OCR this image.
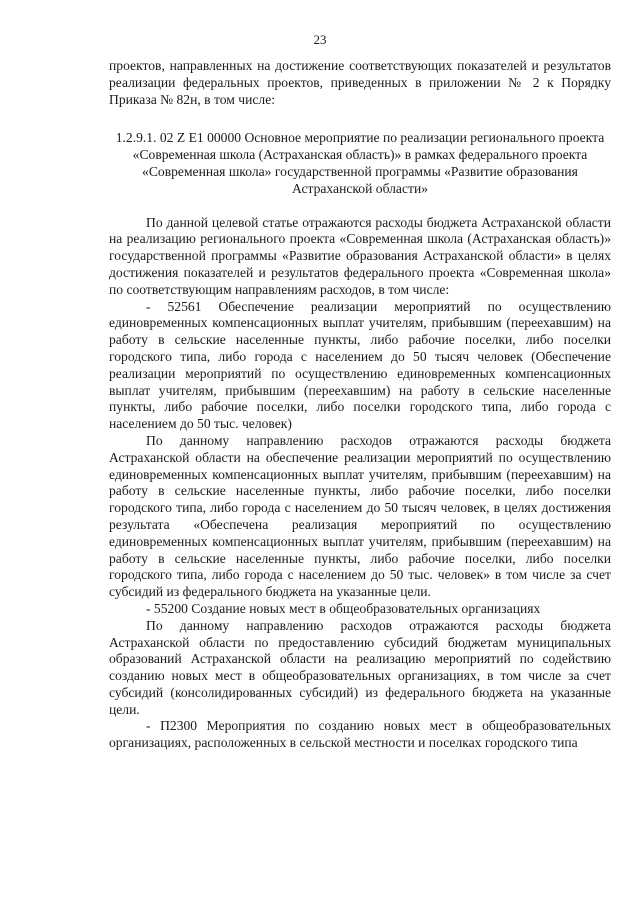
23

проектов, направленных на достижение соответствующих показателей и результатов реализации федеральных проектов, приведенных в приложении № 2 к Порядку Приказа № 82н, в том числе:

1.2.9.1. 02 Z E1 00000 Основное мероприятие по реализации регионального проекта «Современная школа (Астраханская область)» в рамках федерального проекта «Современная школа» государственной программы «Развитие образования Астраханской области»

По данной целевой статье отражаются расходы бюджета Астраханской области на реализацию регионального проекта «Современная школа (Астраханская область)» государственной программы «Развитие образования Астраханской области» в целях достижения показателей и результатов федерального проекта «Современная школа» по соответствующим направлениям расходов, в том числе:

- 52561 Обеспечение реализации мероприятий по осуществлению единовременных компенсационных выплат учителям, прибывшим (переехавшим) на работу в сельские населенные пункты, либо рабочие поселки, либо поселки городского типа, либо города с населением до 50 тысяч человек (Обеспечение реализации мероприятий по осуществлению единовременных компенсационных выплат учителям, прибывшим (переехавшим) на работу в сельские населенные пункты, либо рабочие поселки, либо поселки городского типа, либо города с населением до 50 тыс. человек)

По данному направлению расходов отражаются расходы бюджета Астраханской области на обеспечение реализации мероприятий по осуществлению единовременных компенсационных выплат учителям, прибывшим (переехавшим) на работу в сельские населенные пункты, либо рабочие поселки, либо поселки городского типа, либо города с населением до 50 тысяч человек, в целях достижения результата «Обеспечена реализация мероприятий по осуществлению единовременных компенсационных выплат учителям, прибывшим (переехавшим) на работу в сельские населенные пункты, либо рабочие поселки, либо поселки городского типа, либо города с населением до 50 тыс. человек» в том числе за счет субсидий из федерального бюджета на указанные цели.

- 55200 Создание новых мест в общеобразовательных организациях

По данному направлению расходов отражаются расходы бюджета Астраханской области по предоставлению субсидий бюджетам муниципальных образований Астраханской области на реализацию мероприятий по содействию созданию новых мест в общеобразовательных организациях, в том числе за счет субсидий (консолидированных субсидий) из федерального бюджета на указанные цели.

- П2300 Мероприятия по созданию новых мест в общеобразовательных организациях, расположенных в сельской местности и поселках городского типа
